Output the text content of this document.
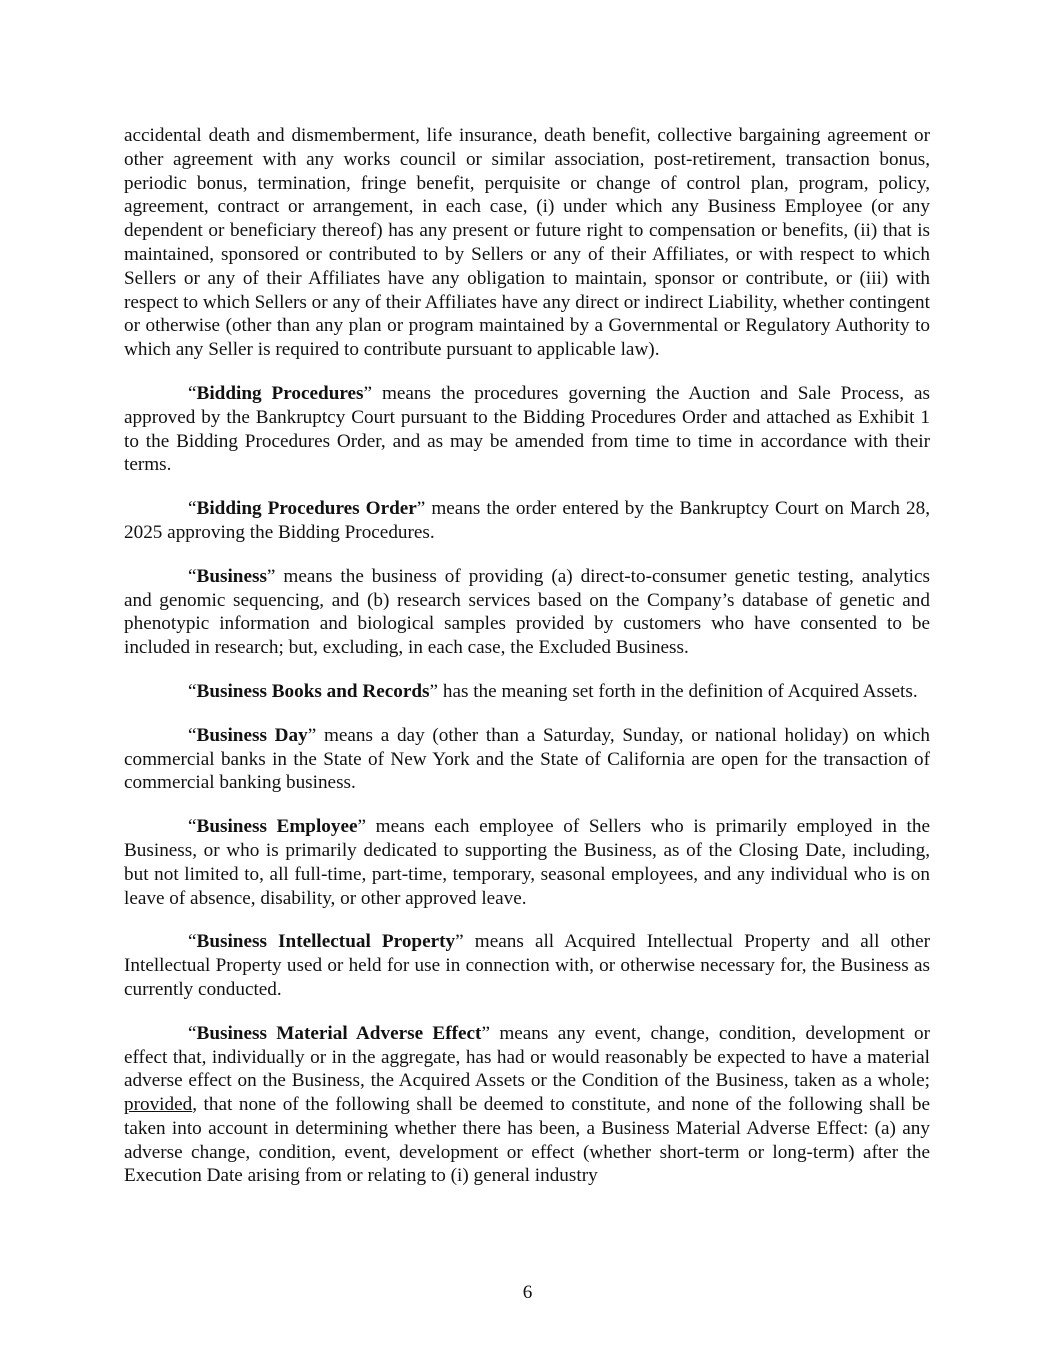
accidental death and dismemberment, life insurance, death benefit, collective bargaining agreement or other agreement with any works council or similar association, post-retirement, transaction bonus, periodic bonus, termination, fringe benefit, perquisite or change of control plan, program, policy, agreement, contract or arrangement, in each case, (i) under which any Business Employee (or any dependent or beneficiary thereof) has any present or future right to compensation or benefits, (ii) that is maintained, sponsored or contributed to by Sellers or any of their Affiliates, or with respect to which Sellers or any of their Affiliates have any obligation to maintain, sponsor or contribute, or (iii) with respect to which Sellers or any of their Affiliates have any direct or indirect Liability, whether contingent or otherwise (other than any plan or program maintained by a Governmental or Regulatory Authority to which any Seller is required to contribute pursuant to applicable law).

“Bidding Procedures” means the procedures governing the Auction and Sale Process, as approved by the Bankruptcy Court pursuant to the Bidding Procedures Order and attached as Exhibit 1 to the Bidding Procedures Order, and as may be amended from time to time in accordance with their terms.

“Bidding Procedures Order” means the order entered by the Bankruptcy Court on March 28, 2025 approving the Bidding Procedures.

“Business” means the business of providing (a) direct-to-consumer genetic testing, analytics and genomic sequencing, and (b) research services based on the Company’s database of genetic and phenotypic information and biological samples provided by customers who have consented to be included in research; but, excluding, in each case, the Excluded Business.

“Business Books and Records” has the meaning set forth in the definition of Acquired Assets.

“Business Day” means a day (other than a Saturday, Sunday, or national holiday) on which commercial banks in the State of New York and the State of California are open for the transaction of commercial banking business.

“Business Employee” means each employee of Sellers who is primarily employed in the Business, or who is primarily dedicated to supporting the Business, as of the Closing Date, including, but not limited to, all full-time, part-time, temporary, seasonal employees, and any individual who is on leave of absence, disability, or other approved leave.

“Business Intellectual Property” means all Acquired Intellectual Property and all other Intellectual Property used or held for use in connection with, or otherwise necessary for, the Business as currently conducted.

“Business Material Adverse Effect” means any event, change, condition, development or effect that, individually or in the aggregate, has had or would reasonably be expected to have a material adverse effect on the Business, the Acquired Assets or the Condition of the Business, taken as a whole; provided, that none of the following shall be deemed to constitute, and none of the following shall be taken into account in determining whether there has been, a Business Material Adverse Effect: (a) any adverse change, condition, event, development or effect (whether short-term or long-term) after the Execution Date arising from or relating to (i) general industry

6
